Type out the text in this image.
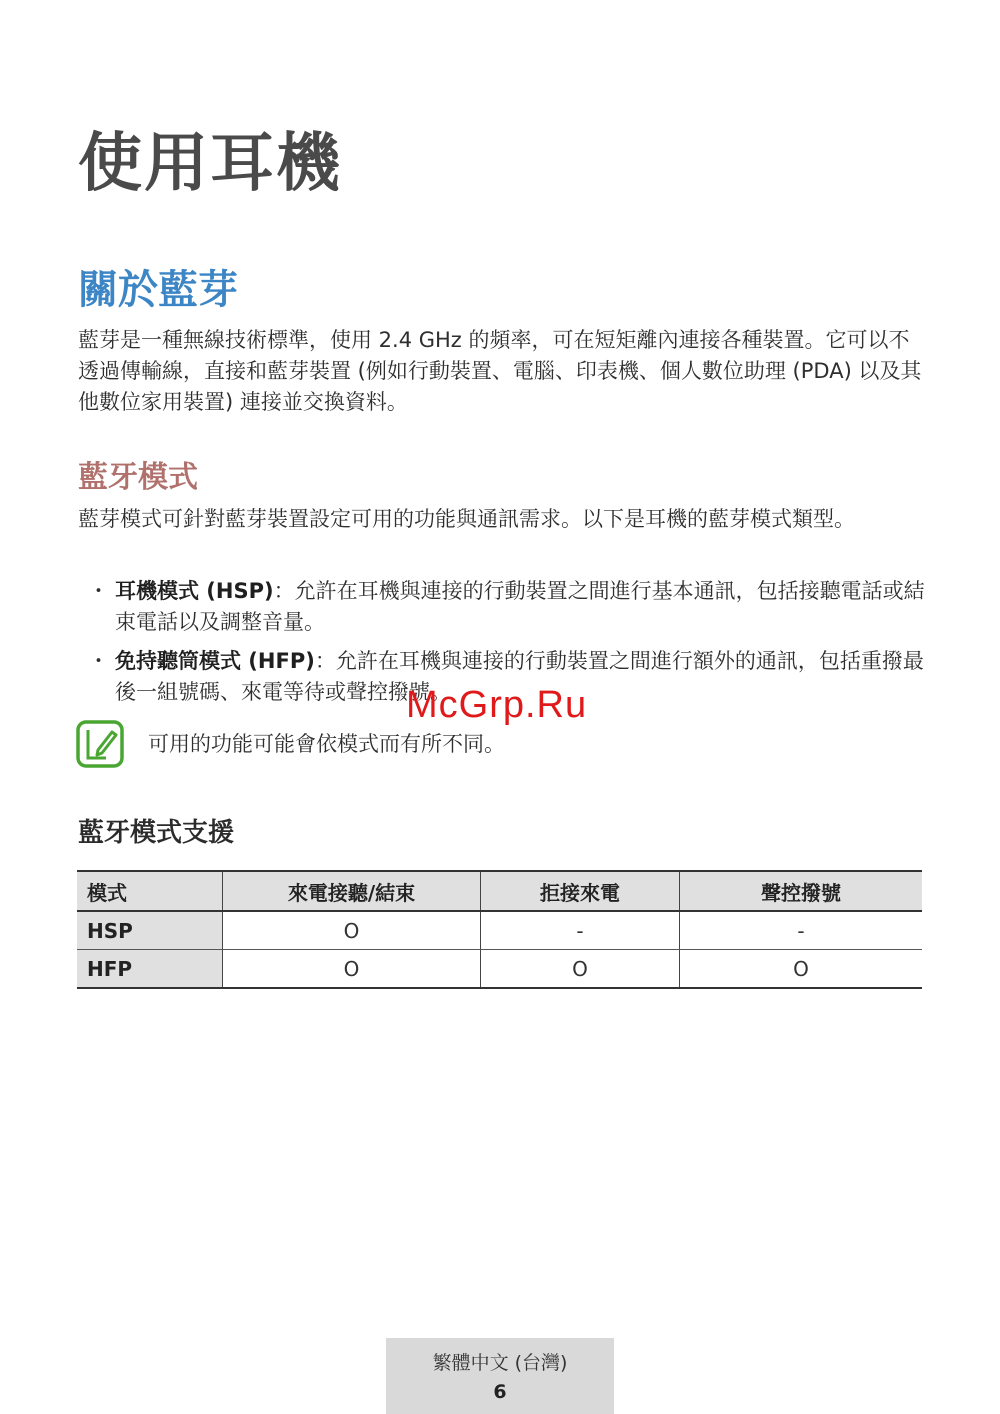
使用耳機
關於藍芽

藍芽是一種無線技術標準，使用 2.4 GHz 的頻率，可在短矩離內連接各種裝置。它可以不透過傳輸線，直接和藍芽裝置 (例如行動裝置、電腦、印表機、個人數位助理 (PDA) 以及其他數位家用裝置) 連接並交換資料。

藍牙模式

藍芽模式可針對藍芽裝置設定可用的功能與通訊需求。以下是耳機的藍芽模式類型。

・ 耳機模式 (HSP)：允許在耳機與連接的行動裝置之間進行基本通訊，包括接聽電話或結束電話以及調整音量。
・ 免持聽筒模式 (HFP)：允許在耳機與連接的行動裝置之間進行額外的通訊，包括重撥最後一組號碼、來電等待或聲控撥號。
可用的功能可能會依模式而有所不同。
藍牙模式支援
模式	來電接聽/結束	拒接來電	聲控撥號
HSP	O	-	-
HFP	O	O	O

McGrp.Ru

繁體中文 (台灣)
6
